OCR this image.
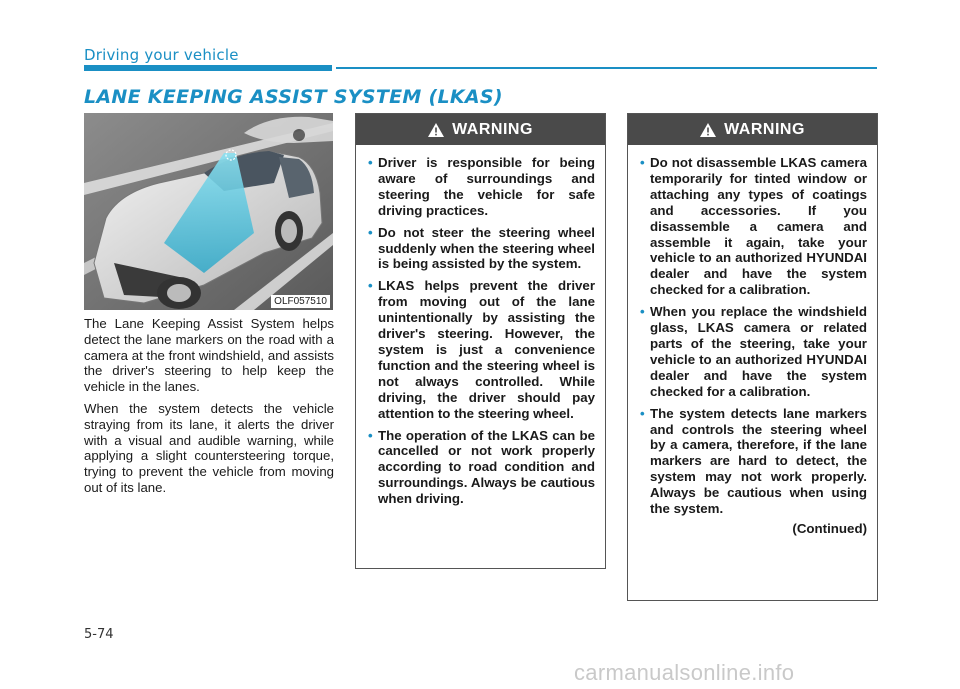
Driving your vehicle
LANE KEEPING ASSIST SYSTEM (LKAS)
OLF057510

The Lane Keeping Assist System helps detect the lane markers on the road with a camera at the front windshield, and assists the driver's steering to help keep the vehicle in the lanes.

When the system detects the vehicle straying from its lane, it alerts the driver with a visual and audible warning, while applying a slight countersteering torque, trying to prevent the vehicle from moving out of its lane.

WARNING
• Driver is responsible for being aware of surroundings and steering the vehicle for safe driving practices.
• Do not steer the steering wheel suddenly when the steering wheel is being assisted by the system.
• LKAS helps prevent the driver from moving out of the lane unintentionally by assisting the driver's steering. However, the system is just a convenience function and the steering wheel is not always controlled. While driving, the driver should pay attention to the steering wheel.
• The operation of the LKAS can be cancelled or not work properly according to road condition and surroundings. Always be cautious when driving.
WARNING
• Do not disassemble LKAS camera temporarily for tinted window or attaching any types of coatings and accessories. If you disassemble a camera and assemble it again, take your vehicle to an authorized HYUNDAI dealer and have the system checked for a calibration.
• When you replace the windshield glass, LKAS camera or related parts of the steering, take your vehicle to an authorized HYUNDAI dealer and have the system checked for a calibration.
• The system detects lane markers and controls the steering wheel by a camera, therefore, if the lane markers are hard to detect, the system may not work properly. Always be cautious when using the system.
(Continued)
5-74
carmanualsonline.info
